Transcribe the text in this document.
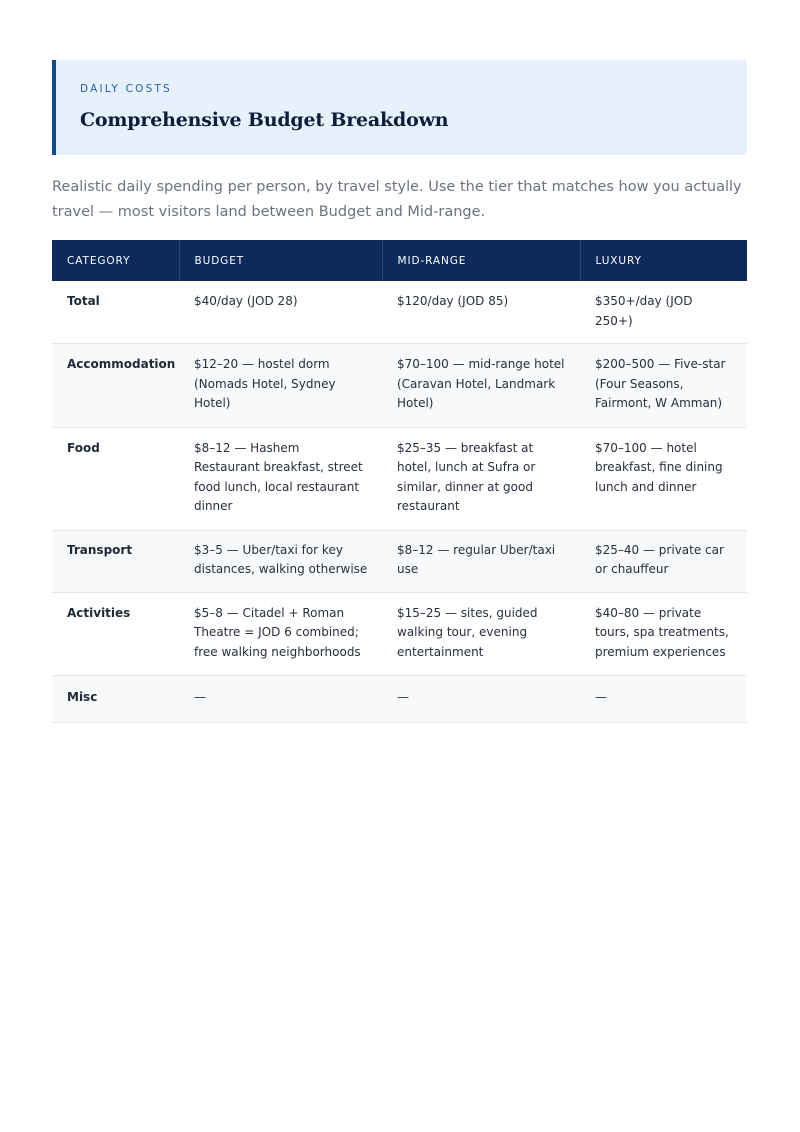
DAILY COSTS
Comprehensive Budget Breakdown
Realistic daily spending per person, by travel style. Use the tier that matches how you actually travel — most visitors land between Budget and Mid-range.
CATEGORY	BUDGET	MID-RANGE	LUXURY
Total	$40/day (JOD 28)	$120/day (JOD 85)	$350+/day (JOD 250+)
Accommodation	$12–20 — hostel dorm (Nomads Hotel, Sydney Hotel)	$70–100 — mid-range hotel (Caravan Hotel, Landmark Hotel)	$200–500 — Five-star (Four Seasons, Fairmont, W Amman)
Food	$8–12 — Hashem Restaurant breakfast, street food lunch, local restaurant dinner	$25–35 — breakfast at hotel, lunch at Sufra or similar, dinner at good restaurant	$70–100 — hotel breakfast, fine dining lunch and dinner
Transport	$3–5 — Uber/taxi for key distances, walking otherwise	$8–12 — regular Uber/taxi use	$25–40 — private car or chauffeur
Activities	$5–8 — Citadel + Roman Theatre = JOD 6 combined; free walking neighborhoods	$15–25 — sites, guided walking tour, evening entertainment	$40–80 — private tours, spa treatments, premium experiences
Misc	—	—	—
